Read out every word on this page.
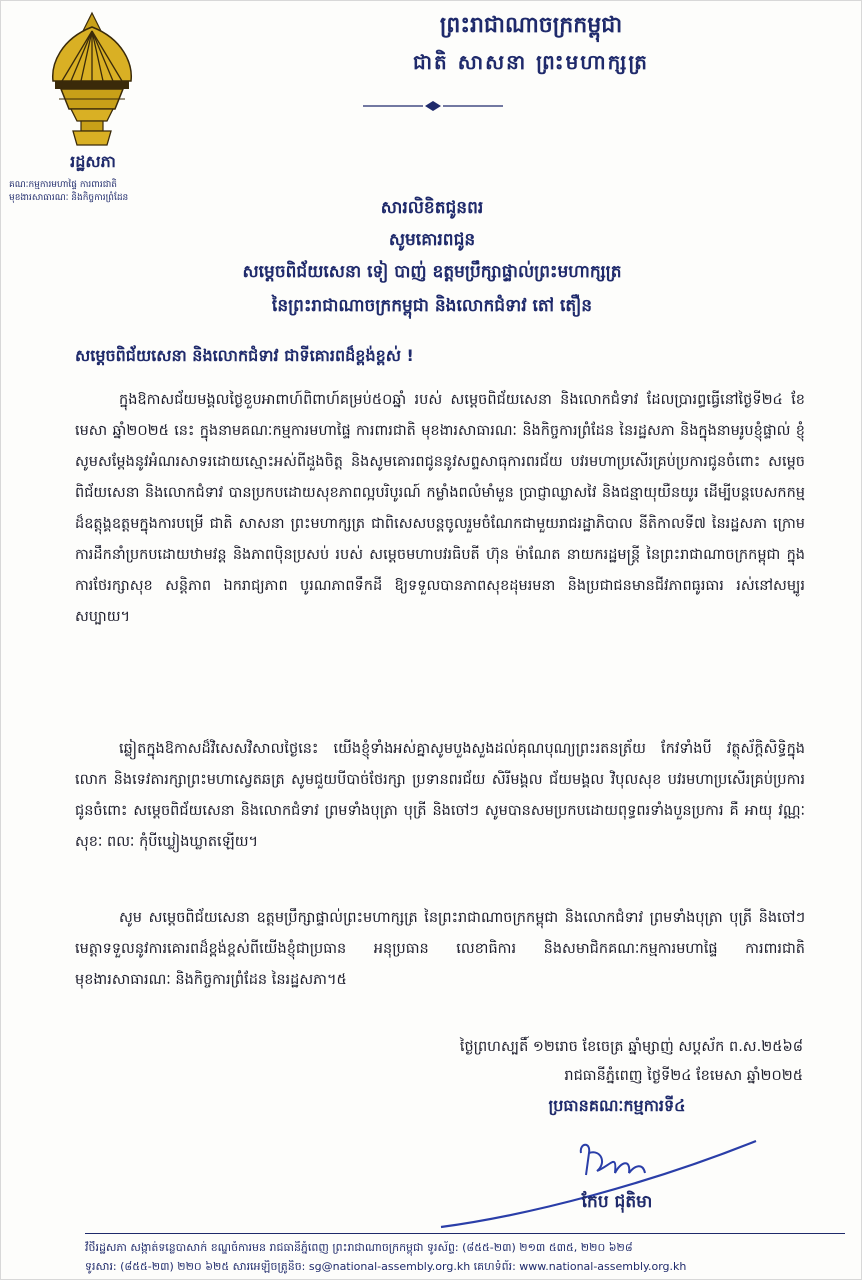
រដ្ឋសភា
គណៈកម្មការមហាផ្ទៃ ការពារជាតិ
មុខងារសាធារណៈ និងកិច្ចការព្រំដែន
ព្រះរាជាណាចក្រកម្ពុជា
ជាតិ សាសនា ព្រះមហាក្សត្រ
សារលិខិតជូនពរ
សូមគោរពជូន
សម្តេចពិជ័យសេនា ទៀ បាញ់ ឧត្តមប្រឹក្សាផ្ទាល់ព្រះមហាក្សត្រ
នៃព្រះរាជាណាចក្រកម្ពុជា និងលោកជំទាវ តៅ តឿន
សម្តេចពិជ័យសេនា និងលោកជំទាវ ជាទីគោរពដ៏ខ្ពង់ខ្ពស់ !
ក្នុងឱកាសជ័យមង្គលថ្ងៃខួបអាពាហ៍ពិពាហ៍គម្រប់៥០ឆ្នាំ របស់ សម្តេចពិជ័យសេនា និងលោកជំទាវ ដែលប្រារព្ធធ្វើនៅថ្ងៃទី២៤ ខែមេសា ឆ្នាំ២០២៥ នេះ ក្នុងនាមគណៈកម្មការមហាផ្ទៃ ការពារជាតិ មុខងារសាធារណៈ និងកិច្ចការព្រំដែន នៃរដ្ឋសភា និងក្នុងនាមរូបខ្ញុំផ្ទាល់ ខ្ញុំសូមសម្តែងនូវអំណរសាទរដោយស្មោះអស់ពីដួងចិត្ត និងសូមគោរពជូននូវសព្ទសាធុការពរជ័យ បវរមហាប្រសើរគ្រប់ប្រការជូនចំពោះ សម្តេចពិជ័យសេនា និងលោកជំទាវ បានប្រកបដោយសុខភាពល្អបរិបូរណ៍ កម្លាំងពលំមាំមួន ប្រាជ្ញាឈ្លាសវៃ និងជន្មាយុយឺនយូរ ដើម្បីបន្តបេសកកម្មដ៏ឧត្តុង្គឧត្តមក្នុងការបម្រើ ជាតិ សាសនា ព្រះមហាក្សត្រ ជាពិសេសបន្តចូលរួមចំណែកជាមួយរាជរដ្ឋាភិបាល នីតិកាលទី៧ នៃរដ្ឋសភា ក្រោមការដឹកនាំប្រកបដោយឋាមវន្ត និងភាពប៉ិនប្រសប់ របស់ សម្តេចមហាបវរធិបតី ហ៊ុន ម៉ាណែត នាយករដ្ឋមន្ត្រី នៃព្រះរាជាណាចក្រកម្ពុជា ក្នុងការថែរក្សាសុខ សន្តិភាព ឯករាជ្យភាព បូរណភាពទឹកដី ឱ្យទទួលបានភាពសុខដុមរមនា និងប្រជាជនមានជីវភាពធូរធារ រស់នៅសម្បូរសប្បាយ។
ឆ្លៀតក្នុងឱកាសដ៏វិសេសវិសាលថ្ងៃនេះ យើងខ្ញុំទាំងអស់គ្នាសូមបួងសួងដល់គុណបុណ្យព្រះរតនត្រ័យ កែវទាំងបី វត្ថុស័ក្តិសិទ្ធិក្នុងលោក និងទេវតារក្សាព្រះមហាស្វេតឆត្រ សូមជួយបីបាច់ថែរក្សា ប្រទានពរជ័យ សិរីមង្គល ជ័យមង្គល វិបុលសុខ បវរមហាប្រសើរគ្រប់ប្រការ ជូនចំពោះ សម្តេចពិជ័យសេនា និងលោកជំទាវ ព្រមទាំងបុត្រា បុត្រី និងចៅៗ សូមបានសមប្រកបដោយពុទ្ធពរទាំងបួនប្រការ គឺ អាយុ វណ្ណៈ សុខៈ ពលៈ កុំបីឃ្លៀងឃ្លាតឡើយ។
សូម សម្តេចពិជ័យសេនា ឧត្តមប្រឹក្សាផ្ទាល់ព្រះមហាក្សត្រ នៃព្រះរាជាណាចក្រកម្ពុជា និងលោកជំទាវ ព្រមទាំងបុត្រា បុត្រី និងចៅៗ មេត្តាទទួលនូវការគោរពដ៏ខ្ពង់ខ្ពស់ពីយើងខ្ញុំជាប្រធាន អនុប្រធាន លេខាធិការ និងសមាជិកគណៈកម្មការមហាផ្ទៃ ការពារជាតិ មុខងារសាធារណៈ និងកិច្ចការព្រំដែន នៃរដ្ឋសភា។៥
ថ្ងៃព្រហស្បតិ៍ ១២រោច ខែចេត្រ ឆ្នាំម្សាញ់ សប្តស័ក ព.ស.២៥៦៨
រាជធានីភ្នំពេញ ថ្ងៃទី២៤ ខែមេសា ឆ្នាំ២០២៥
ប្រធានគណៈកម្មការទី៤
កែប ជុតិមា
វិថីរដ្ឋសភា សង្កាត់ទន្លេបាសាក់ ខណ្ឌចំការមន រាជធានីភ្នំពេញ ព្រះរាជាណាចក្រកម្ពុជា ទូរស័ព្ទ: (៨៥៥-២៣) ២១៣ ៥៣៥, ២២០ ៦២៨
ទូរសារ: (៨៥៥-២៣) ២២០ ៦២៥ សារអេឡិចត្រូនិច: sg@national-assembly.org.kh គេហទំព័រ: www.national-assembly.org.kh
